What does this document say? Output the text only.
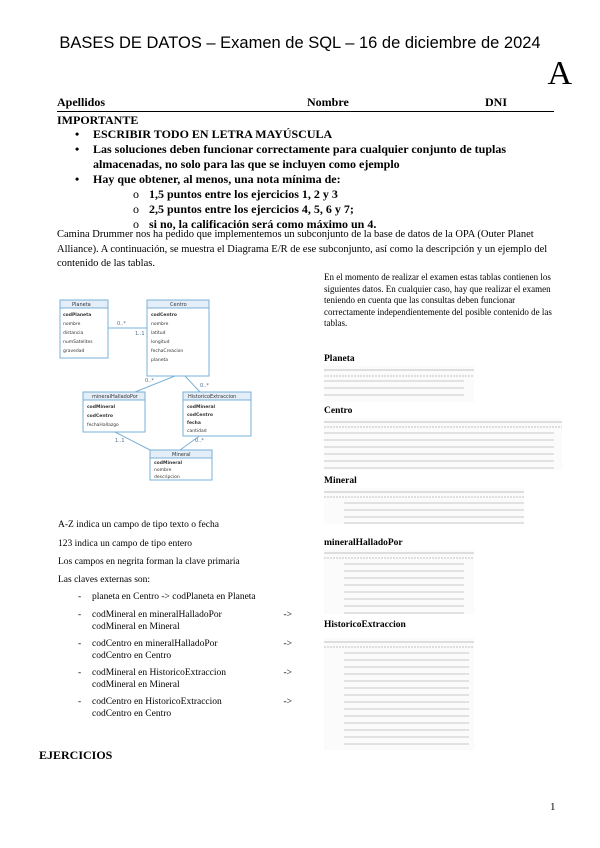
BASES DE DATOS – Examen de SQL – 16 de diciembre de 2024
A
Apellidos	Nombre	DNI
IMPORTANTE
• ESCRIBIR TODO EN LETRA MAYÚSCULA
• Las soluciones deben funcionar correctamente para cualquier conjunto de tuplas almacenadas, no solo para las que se incluyen como ejemplo
• Hay que obtener, al menos, una nota mínima de:
o 1,5 puntos entre los ejercicios 1, 2 y 3
o 2,5 puntos entre los ejercicios 4, 5, 6 y 7;
o si no, la calificación será como máximo un 4.
Camina Drummer nos ha pedido que implementemos un subconjunto de la base de datos de la OPA (Outer Planet Alliance). A continuación, se muestra el Diagrama E/R de ese subconjunto, así como la descripción y un ejemplo del contenido de las tablas.
0..*
1..1
0..*
0..*
1..1	0..*
Planeta
codPlaneta
nombre
distancia
numSatelites
gravedad
Centro
codCentro
nombre
latitud
longitud
fechaCreacion
planeta
mineralHalladoPor
codMineral
codCentro
fechaHallazgo
HistoricoExtraccion
codMineral
codCentro
fecha
cantidad
Mineral
codMineral
nombre
descripcion
En el momento de realizar el examen estas tablas contienen los siguientes datos. En cualquier caso, hay que realizar el examen teniendo en cuenta que las consultas deben funcionar correctamente independientemente del posible contenido de las tablas.
Planeta
Centro
Mineral
mineralHalladoPor
HistoricoExtraccion
A-Z indica un campo de tipo texto o fecha
123 indica un campo de tipo entero
Los campos en negrita forman la clave primaria
Las claves externas son:
- planeta en Centro -> codPlaneta en Planeta
- codMineral en mineralHalladoPor	->

codMineral en Mineral
- codCentro en mineralHalladoPor	->

codCentro en Centro
- codMineral en HistoricoExtraccion	->

codMineral en Mineral
- codCentro en HistoricoExtraccion	->

codCentro en Centro
EJERCICIOS
1
